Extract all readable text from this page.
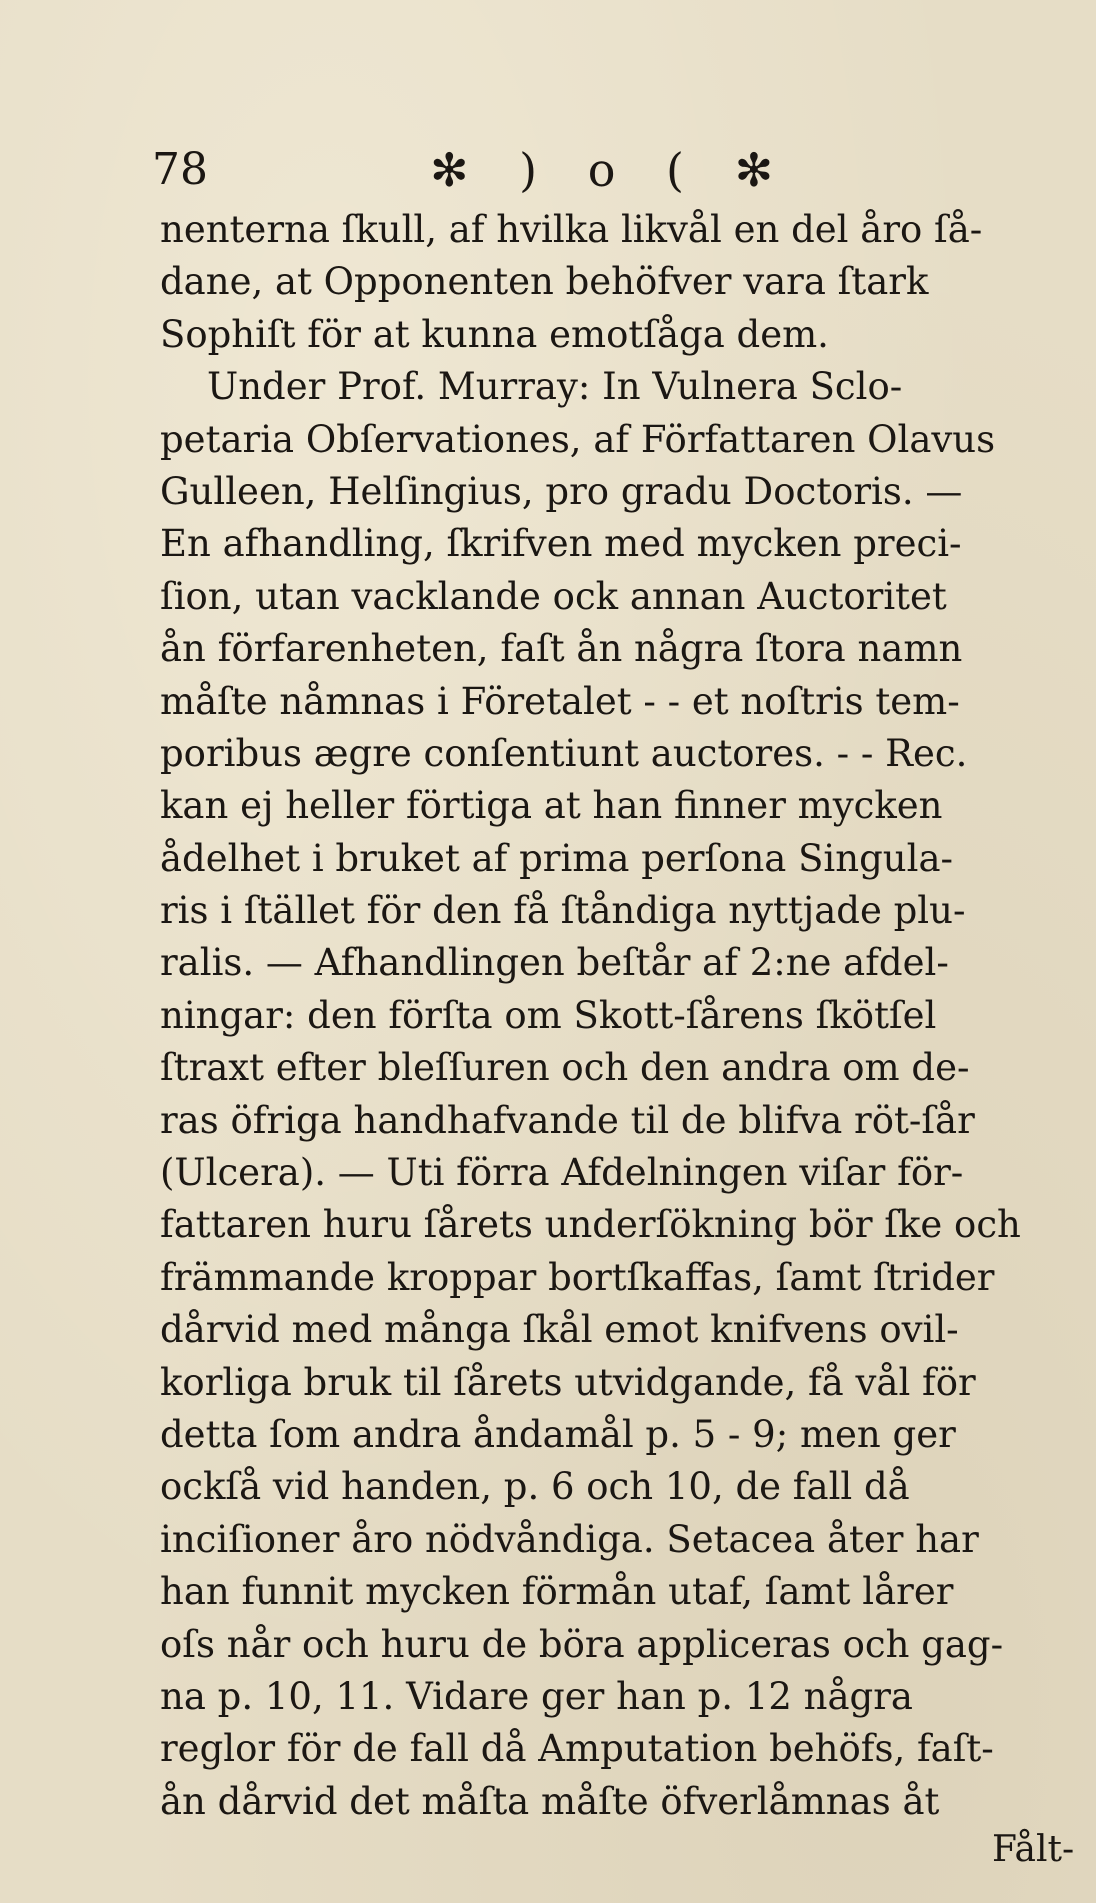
78	✻ ) o ( ✻
nenterna ſkull, af hvilka likvål en del åro ſå-
dane, at Opponenten behöfver vara ſtark
Sophiſt för at kunna emotſåga dem.
Under Prof. Murray: In Vulnera Sclo-
petaria Obſervationes, af Författaren Olavus
Gulleen, Helſingius, pro gradu Doctoris. —
En afhandling, ſkrifven med mycken preci-
ſion, utan vacklande ock annan Auctoritet
ån förfarenheten, faſt ån några ſtora namn
måſte nåmnas i Företalet - - et noſtris tem-
poribus ægre conſentiunt auctores. - - Rec.
kan ej heller förtiga at han finner mycken
ådelhet i bruket af prima perſona Singula-
ris i ſtället för den få ſtåndiga nyttjade plu-
ralis. — Afhandlingen beſtår af 2:ne afdel-
ningar: den förſta om Skott-ſårens ſkötſel
ſtraxt efter bleſſuren och den andra om de-
ras öfriga handhafvande til de blifva röt-ſår
(Ulcera). — Uti förra Afdelningen viſar för-
fattaren huru ſårets underſökning bör ſke och
främmande kroppar bortſkaffas, ſamt ſtrider
dårvid med många ſkål emot knifvens ovil-
korliga bruk til ſårets utvidgande, få vål för
detta ſom andra åndamål p. 5 - 9; men ger
ockſå vid handen, p. 6 och 10, de fall då
inciſioner åro nödvåndiga. Setacea åter har
han funnit mycken förmån utaf, ſamt lårer
oſs når och huru de böra appliceras och gag-
na p. 10, 11. Vidare ger han p. 12 några
reglor för de fall då Amputation behöfs, faſt-
ån dårvid det måſta måſte öfverlåmnas åt
Fålt-
